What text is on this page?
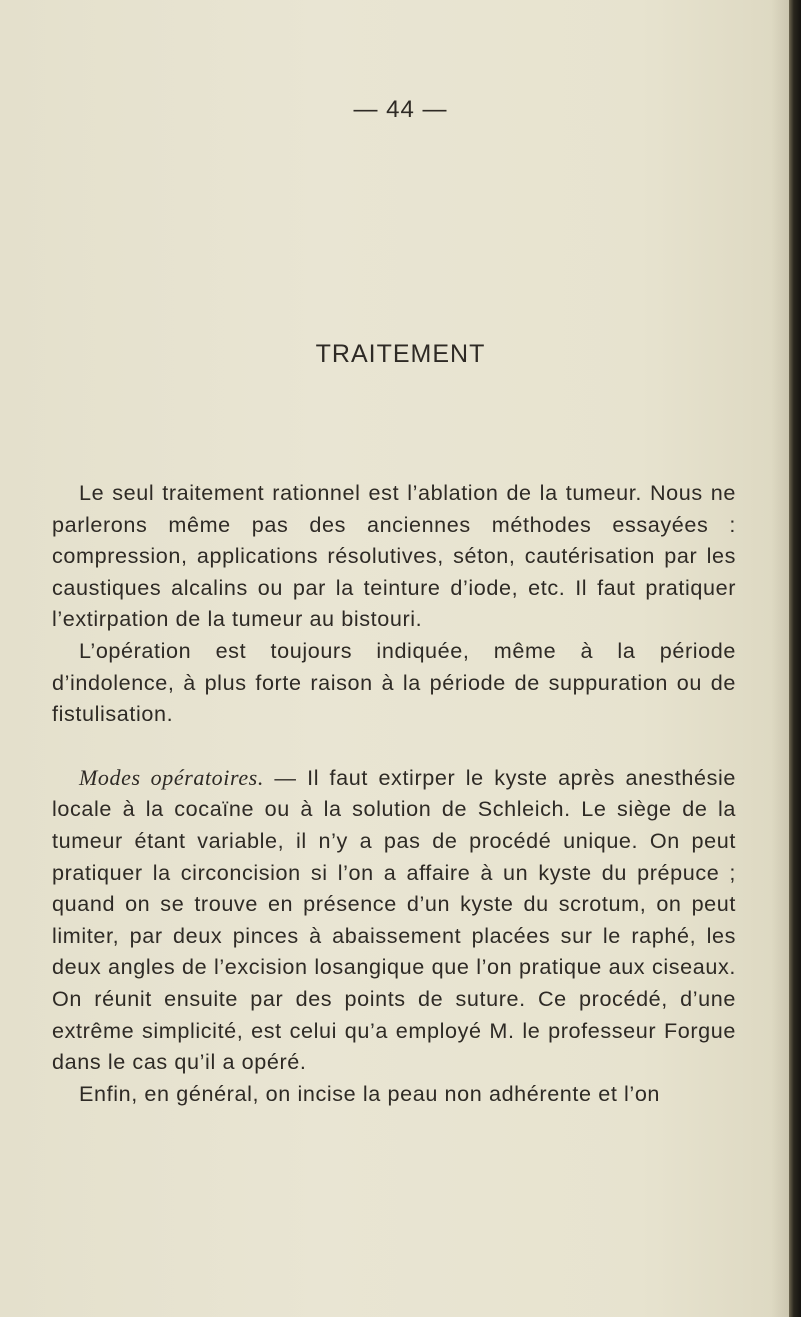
— 44 —
TRAITEMENT

Le seul traitement rationnel est l’ablation de la tumeur. Nous ne parlerons même pas des anciennes méthodes essayées : compression, applications résolutives, séton, cautérisation par les caustiques alcalins ou par la teinture d’iode, etc. Il faut pratiquer l’extirpation de la tumeur au bistouri.

L’opération est toujours indiquée, même à la période d’indolence, à plus forte raison à la période de suppuration ou de fistulisation.

Modes opératoires. — Il faut extirper le kyste après anesthésie locale à la cocaïne ou à la solution de Schleich. Le siège de la tumeur étant variable, il n’y a pas de procédé unique. On peut pratiquer la circoncision si l’on a affaire à un kyste du prépuce ; quand on se trouve en présence d’un kyste du scrotum, on peut limiter, par deux pinces à abaissement placées sur le raphé, les deux angles de l’excision losangique que l’on pratique aux ciseaux. On réunit ensuite par des points de suture. Ce procédé, d’une extrême simplicité, est celui qu’a employé M. le professeur Forgue dans le cas qu’il a opéré.

Enfin, en général, on incise la peau non adhérente et l’on
